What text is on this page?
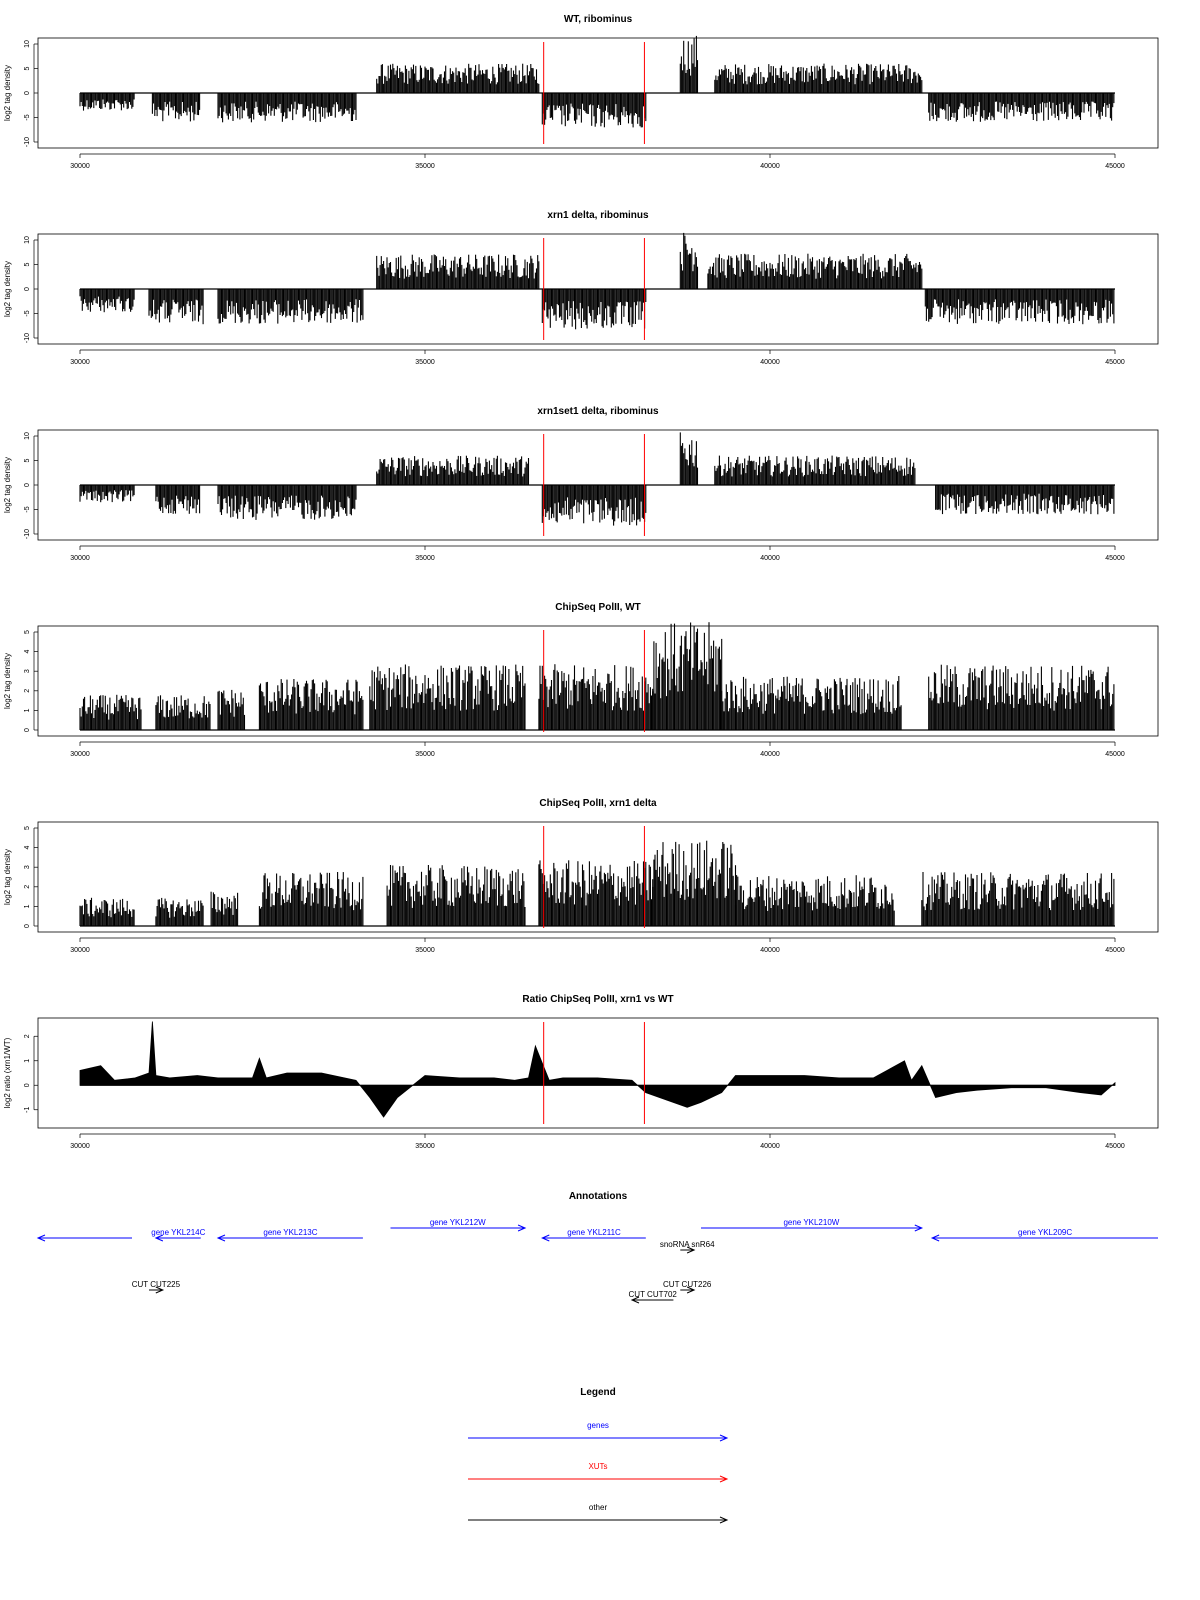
WT, ribominus
-10
-5
0
5
10
log2 tag density
30000	35000	40000	45000
xrn1 delta, ribominus
-10
-5
0
5
10
log2 tag density
30000	35000	40000	45000
xrn1set1 delta, ribominus
-10
-5
0
5
10
log2 tag density
30000	35000	40000	45000
ChipSeq PolII, WT
0
1
2
3
4
5
log2 tag density
30000	35000	40000	45000
ChipSeq PolII, xrn1 delta
0
1
2
3
4
5
log2 tag density
30000	35000	40000	45000
Ratio ChipSeq PolII, xrn1 vs WT
-1
0
1
2
log2 ratio (xrn1/WT)
30000	35000	40000	45000
Annotations
gene YKL214C	gene YKL213C
gene YKL212W
gene YKL211C
gene YKL210W
gene YKL209C
snoRNA snR64
CUT CUT225	CUT CUT226
CUT CUT702
Legend
genes
XUTs
other
